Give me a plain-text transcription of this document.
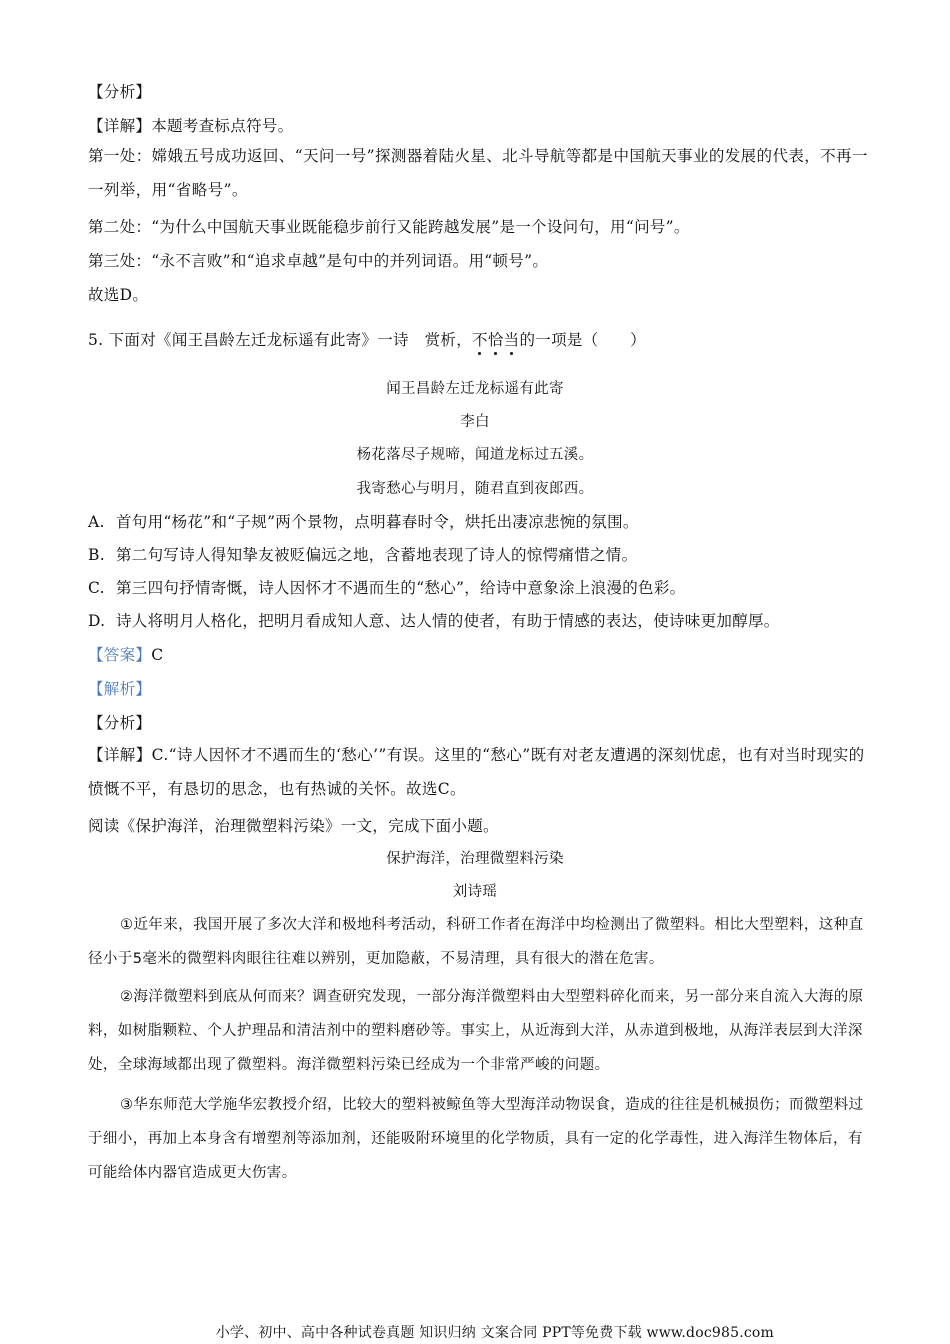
【分析】
【详解】本题考查标点符号。
第一处：嫦娥五号成功返回、“天问一号”探测器着陆火星、北斗导航等都是中国航天事业的发展的代表，不再一一列举，用“省略号”。
第二处：“为什么中国航天事业既能稳步前行又能跨越发展”是一个设问句，用“问号”。
第三处：“永不言败”和“追求卓越”是句中的并列词语。用“顿号”。
故选D。
5. 下面对《闻王昌龄左迁龙标遥有此寄》一诗　赏析，不恰当的一项是（　　）
闻王昌龄左迁龙标遥有此寄
李白
杨花落尽子规啼，闻道龙标过五溪。
我寄愁心与明月，随君直到夜郎西。
A. 首句用“杨花”和“子规”两个景物，点明暮春时令，烘托出凄凉悲惋的氛围。
B. 第二句写诗人得知挚友被贬偏远之地，含蓄地表现了诗人的惊愕痛惜之情。
C. 第三四句抒情寄慨，诗人因怀才不遇而生的“愁心”，给诗中意象涂上浪漫的色彩。
D. 诗人将明月人格化，把明月看成知人意、达人情的使者，有助于情感的表达，使诗味更加醇厚。
【答案】C
【解析】
【分析】
【详解】C.“诗人因怀才不遇而生的‘愁心’”有误。这里的“愁心”既有对老友遭遇的深刻忧虑，也有对当时现实的愤慨不平，有恳切的思念，也有热诚的关怀。故选C。
阅读《保护海洋，治理微塑料污染》一文，完成下面小题。
保护海洋，治理微塑料污染
刘诗瑶
①近年来，我国开展了多次大洋和极地科考活动，科研工作者在海洋中均检测出了微塑料。相比大型塑料，这种直径小于5毫米的微塑料肉眼往往难以辨别，更加隐蔽，不易清理，具有很大的潜在危害。
②海洋微塑料到底从何而来？调查研究发现，一部分海洋微塑料由大型塑料碎化而来，另一部分来自流入大海的原料，如树脂颗粒、个人护理品和清洁剂中的塑料磨砂等。事实上，从近海到大洋，从赤道到极地，从海洋表层到大洋深处，全球海域都出现了微塑料。海洋微塑料污染已经成为一个非常严峻的问题。
③华东师范大学施华宏教授介绍，比较大的塑料被鲸鱼等大型海洋动物误食，造成的往往是机械损伤；而微塑料过于细小，再加上本身含有增塑剂等添加剂，还能吸附环境里的化学物质，具有一定的化学毒性，进入海洋生物体后，有可能给体内器官造成更大伤害。
小学、初中、高中各种试卷真题 知识归纳 文案合同 PPT等免费下载 www.doc985.com
